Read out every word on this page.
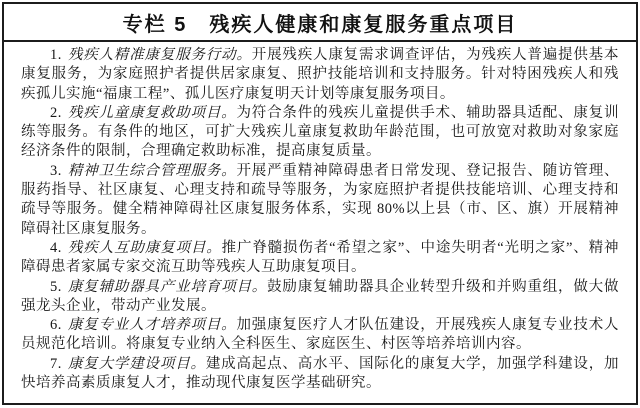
专栏 5　残疾人健康和康复服务重点项目

1. 残疾人精准康复服务行动。开展残疾人康复需求调查评估，为残疾人普遍提供基本康复服务，为家庭照护者提供居家康复、照护技能培训和支持服务。针对特困残疾人和残疾孤儿实施“福康工程”、孤儿医疗康复明天计划等康复服务项目。

2. 残疾儿童康复救助项目。为符合条件的残疾儿童提供手术、辅助器具适配、康复训练等服务。有条件的地区，可扩大残疾儿童康复救助年龄范围，也可放宽对救助对象家庭经济条件的限制，合理确定救助标准，提高康复质量。

3. 精神卫生综合管理服务。开展严重精神障碍患者日常发现、登记报告、随访管理、服药指导、社区康复、心理支持和疏导等服务，为家庭照护者提供技能培训、心理支持和疏导等服务。健全精神障碍社区康复服务体系，实现 80%以上县（市、区、旗）开展精神障碍社区康复服务。

4. 残疾人互助康复项目。推广脊髓损伤者“希望之家”、中途失明者“光明之家”、精神障碍患者家属专家交流互助等残疾人互助康复项目。

5. 康复辅助器具产业培育项目。鼓励康复辅助器具企业转型升级和并购重组，做大做强龙头企业，带动产业发展。

6. 康复专业人才培养项目。加强康复医疗人才队伍建设，开展残疾人康复专业技术人员规范化培训。将康复专业纳入全科医生、家庭医生、村医等培养培训内容。

7. 康复大学建设项目。建成高起点、高水平、国际化的康复大学，加强学科建设，加快培养高素质康复人才，推动现代康复医学基础研究。
